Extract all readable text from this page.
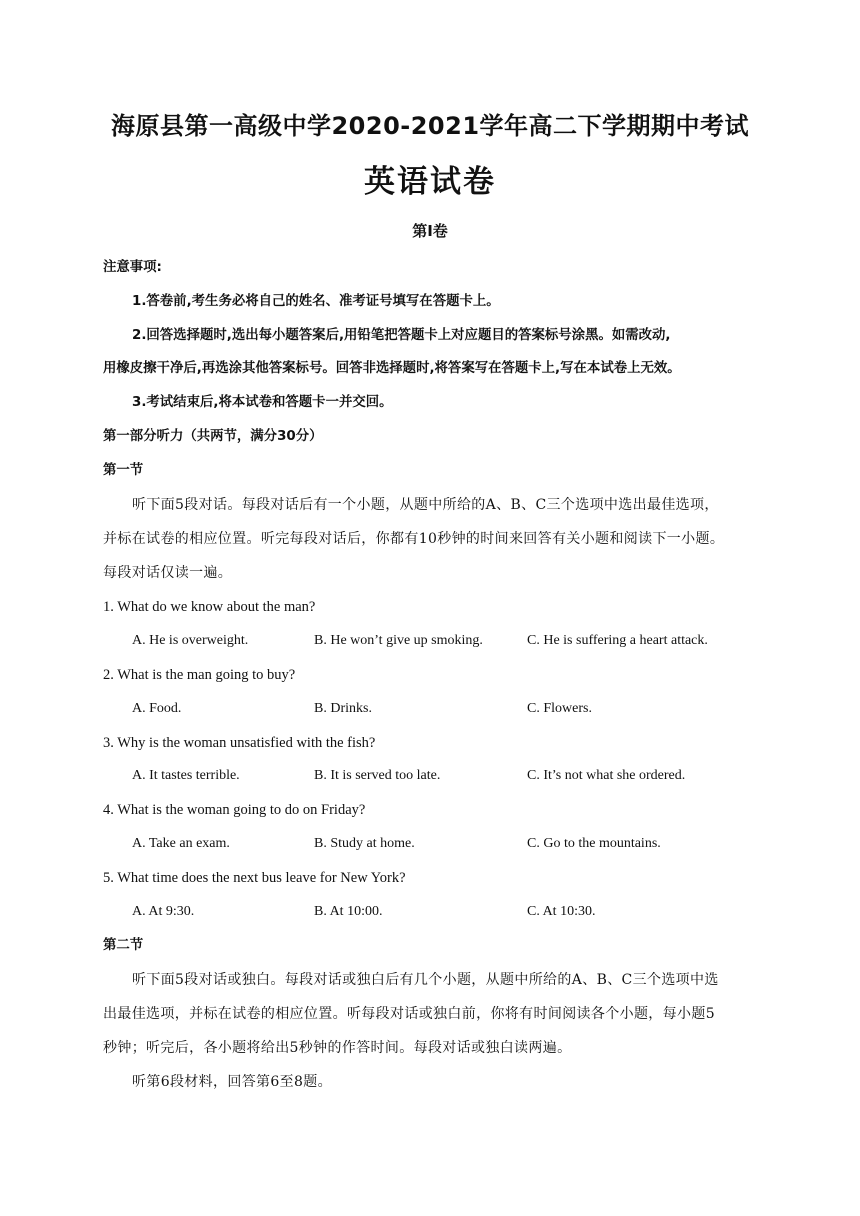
海原县第一高级中学2020-2021学年高二下学期期中考试
英语试卷
第Ⅰ卷
注意事项:
1.答卷前,考生务必将自己的姓名、准考证号填写在答题卡上。
2.回答选择题时,选出每小题答案后,用铅笔把答题卡上对应题目的答案标号涂黑。如需改动,
用橡皮擦干净后,再选涂其他答案标号。回答非选择题时,将答案写在答题卡上,写在本试卷上无效。
3.考试结束后,将本试卷和答题卡一并交回。
第一部分听力（共两节，满分30分）
第一节
听下面5段对话。每段对话后有一个小题，从题中所给的A、B、C三个选项中选出最佳选项，
并标在试卷的相应位置。听完每段对话后，你都有10秒钟的时间来回答有关小题和阅读下一小题。
每段对话仅读一遍。
1. What do we know about the man?
A. He is overweight.	B. He won’t give up smoking.	C. He is suffering a heart attack.
2. What is the man going to buy?
A. Food.	B. Drinks.	C. Flowers.
3. Why is the woman unsatisfied with the fish?
A. It tastes terrible.	B. It is served too late.	C. It’s not what she ordered.
4. What is the woman going to do on Friday?
A. Take an exam.	B. Study at home.	C. Go to the mountains.
5. What time does the next bus leave for New York?
A. At 9:30.	B. At 10:00.	C. At 10:30.
第二节
听下面5段对话或独白。每段对话或独白后有几个小题，从题中所给的A、B、C三个选项中选
出最佳选项，并标在试卷的相应位置。听每段对话或独白前，你将有时间阅读各个小题，每小题5
秒钟；听完后，各小题将给出5秒钟的作答时间。每段对话或独白读两遍。
听第6段材料，回答第6至8题。
